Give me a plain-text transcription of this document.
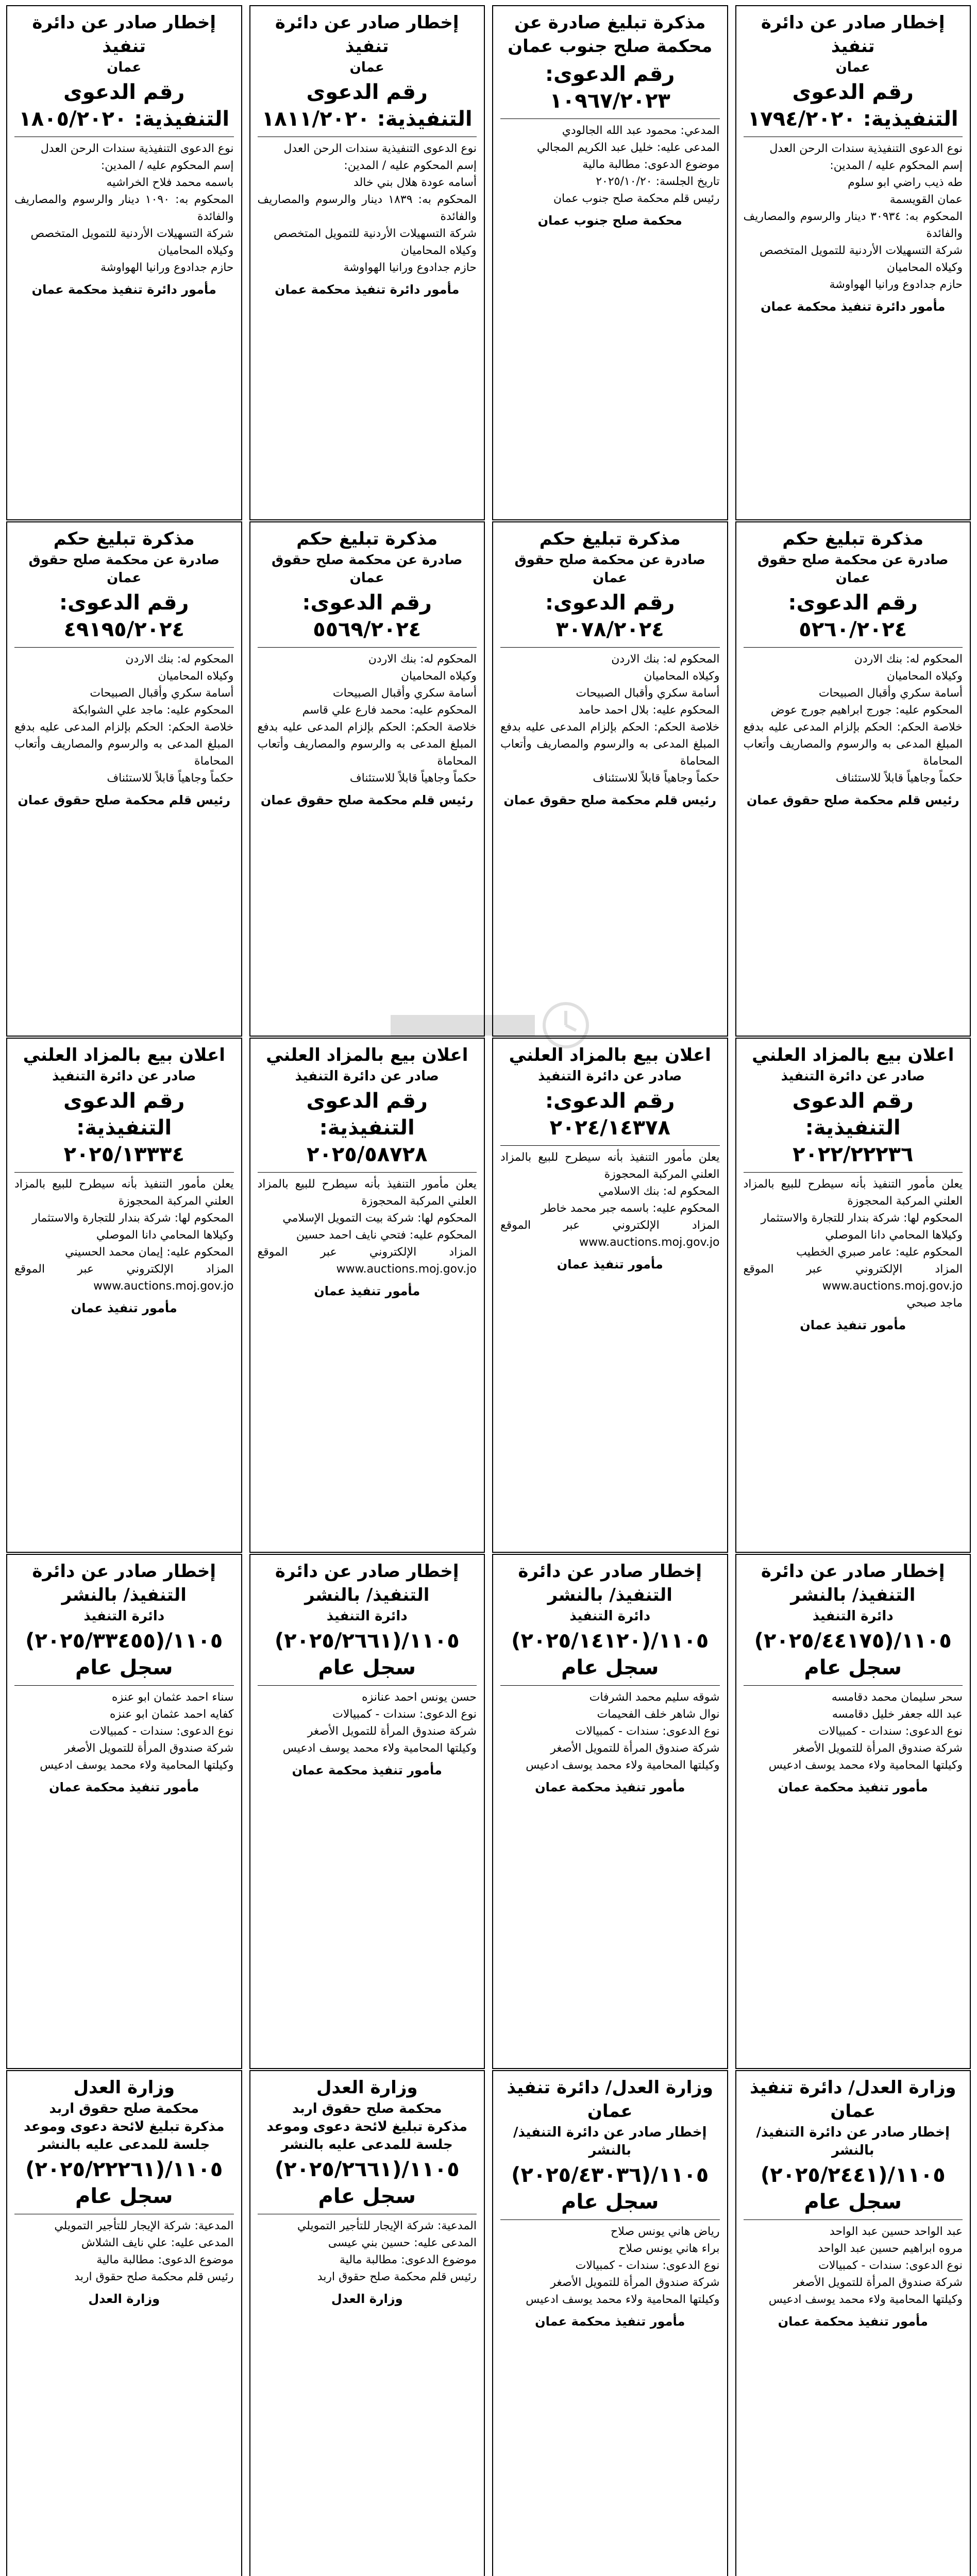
إخطار صادر عن دائرة تنفيذ
عمان
رقم الدعوى التنفيذية: ١٧٩٤/٢٠٢٠
نوع الدعوى التنفيذية سندات الرحن العدل
إسم المحكوم عليه / المدين:
طه ذيب راضي ابو سلوم
عمان القويسمة
المحكوم به: ٣٠٩٣٤ دينار والرسوم والمصاريف والفائدة
شركة التسهيلات الأردنية للتمويل المتخصص
وكيلاه المحاميان
حازم جدادوع ورانيا الهواوشة
مأمور دائرة تنفيذ محكمة عمان
مذكرة تبليغ صادرة عن محكمة صلح جنوب عمان
رقم الدعوى: ١٠٩٦٧/٢٠٢٣
المدعي: محمود عبد الله الجالودي
المدعى عليه: خليل عبد الكريم المجالي
موضوع الدعوى: مطالبة مالية
تاريخ الجلسة: ٢٠٢٥/١٠/٢٠
رئيس قلم محكمة صلح جنوب عمان
محكمة صلح جنوب عمان
إخطار صادر عن دائرة تنفيذ
عمان
رقم الدعوى التنفيذية: ١٨١١/٢٠٢٠
نوع الدعوى التنفيذية سندات الرحن العدل
إسم المحكوم عليه / المدين:
أسامه عودة هلال بني خالد
المحكوم به: ١٨٣٩ دينار والرسوم والمصاريف والفائدة
شركة التسهيلات الأردنية للتمويل المتخصص
وكيلاه المحاميان
حازم جدادوع ورانيا الهواوشة
مأمور دائرة تنفيذ محكمة عمان
إخطار صادر عن دائرة تنفيذ
عمان
رقم الدعوى التنفيذية: ١٨٠٥/٢٠٢٠
نوع الدعوى التنفيذية سندات الرحن العدل
إسم المحكوم عليه / المدين:
باسمه محمد فلاح الخراشيه
المحكوم به: ١٠٩٠ دينار والرسوم والمصاريف والفائدة
شركة التسهيلات الأردنية للتمويل المتخصص
وكيلاه المحاميان
حازم جدادوع ورانيا الهواوشة
مأمور دائرة تنفيذ محكمة عمان
مذكرة تبليغ حكم
صادرة عن محكمة صلح حقوق عمان
رقم الدعوى: ٥٢٦٠/٢٠٢٤
المحكوم له: بنك الاردن
وكيلاه المحاميان
أسامة سكري وأقبال الصبيحات
المحكوم عليه: جورج ابراهيم جورج عوض
خلاصة الحكم: الحكم بإلزام المدعى عليه بدفع المبلغ المدعى به والرسوم والمصاريف وأتعاب المحاماة
حكماً وجاهياً قابلاً للاستئناف
رئيس قلم محكمة صلح حقوق عمان
مذكرة تبليغ حكم
صادرة عن محكمة صلح حقوق عمان
رقم الدعوى: ٣٠٧٨/٢٠٢٤
المحكوم له: بنك الاردن
وكيلاه المحاميان
أسامة سكري وأقبال الصبيحات
المحكوم عليه: بلال احمد حامد
خلاصة الحكم: الحكم بإلزام المدعى عليه بدفع المبلغ المدعى به والرسوم والمصاريف وأتعاب المحاماة
حكماً وجاهياً قابلاً للاستئناف
رئيس قلم محكمة صلح حقوق عمان
مذكرة تبليغ حكم
صادرة عن محكمة صلح حقوق عمان
رقم الدعوى: ٥٥٦٩/٢٠٢٤
المحكوم له: بنك الاردن
وكيلاه المحاميان
أسامة سكري وأقبال الصبيحات
المحكوم عليه: محمد فارع علي قاسم
خلاصة الحكم: الحكم بإلزام المدعى عليه بدفع المبلغ المدعى به والرسوم والمصاريف وأتعاب المحاماة
حكماً وجاهياً قابلاً للاستئناف
رئيس قلم محكمة صلح حقوق عمان
مذكرة تبليغ حكم
صادرة عن محكمة صلح حقوق عمان
رقم الدعوى: ٤٩١٩٥/٢٠٢٤
المحكوم له: بنك الاردن
وكيلاه المحاميان
أسامة سكري وأقبال الصبيحات
المحكوم عليه: ماجد علي الشوابكة
خلاصة الحكم: الحكم بإلزام المدعى عليه بدفع المبلغ المدعى به والرسوم والمصاريف وأتعاب المحاماة
حكماً وجاهياً قابلاً للاستئناف
رئيس قلم محكمة صلح حقوق عمان
اعلان بيع بالمزاد العلني
صادر عن دائرة التنفيذ
رقم الدعوى التنفيذية: ٢٠٢٢/٢٢٢٣٦
يعلن مأمور التنفيذ بأنه سيطرح للبيع بالمزاد العلني المركبة المحجوزة
المحكوم لها: شركة بندار للتجارة والاستثمار
وكيلاها المحامي دانا الموصلي
المحكوم عليه: عامر صبري الخطيب
المزاد الإلكتروني عبر الموقع www.auctions.moj.gov.jo
ماجد صبحي
مأمور تنفيذ عمان
اعلان بيع بالمزاد العلني
صادر عن دائرة التنفيذ
رقم الدعوى: ٢٠٢٤/١٤٣٧٨
يعلن مأمور التنفيذ بأنه سيطرح للبيع بالمزاد العلني المركبة المحجوزة
المحكوم له: بنك الاسلامي
المحكوم عليه: باسمه جبر محمد خاطر
المزاد الإلكتروني عبر الموقع www.auctions.moj.gov.jo
مأمور تنفيذ عمان
اعلان بيع بالمزاد العلني
صادر عن دائرة التنفيذ
رقم الدعوى التنفيذية: ٢٠٢٥/٥٨٧٢٨
يعلن مأمور التنفيذ بأنه سيطرح للبيع بالمزاد العلني المركبة المحجوزة
المحكوم لها: شركة بيت التمويل الإسلامي
المحكوم عليه: فتحي نايف احمد حسين
المزاد الإلكتروني عبر الموقع www.auctions.moj.gov.jo
مأمور تنفيذ عمان
اعلان بيع بالمزاد العلني
صادر عن دائرة التنفيذ
رقم الدعوى التنفيذية: ٢٠٢٥/١٣٣٣٤
يعلن مأمور التنفيذ بأنه سيطرح للبيع بالمزاد العلني المركبة المحجوزة
المحكوم لها: شركة بندار للتجارة والاستثمار
وكيلاها المحامي دانا الموصلي
المحكوم عليه: إيمان محمد الحسيني
المزاد الإلكتروني عبر الموقع www.auctions.moj.gov.jo
مأمور تنفيذ عمان
إخطار صادر عن دائرة التنفيذ/ بالنشر
دائرة التنفيذ
١١٠٥/(٢٠٢٥/٤٤١٧٥) سجل عام
سحر سليمان محمد دقامسه
عبد الله جعفر خليل دقامسه
نوع الدعوى: سندات - كمبيالات
شركة صندوق المرأة للتمويل الأصغر
وكيلتها المحامية ولاء محمد يوسف ادعيس
مأمور تنفيذ محكمة عمان
إخطار صادر عن دائرة التنفيذ/ بالنشر
دائرة التنفيذ
١١٠٥/(٢٠٢٥/١٤١٢٠) سجل عام
شوقه سليم محمد الشرفات
نوال شاهر خلف الفحيمات
نوع الدعوى: سندات - كمبيالات
شركة صندوق المرأة للتمويل الأصغر
وكيلتها المحامية ولاء محمد يوسف ادعيس
مأمور تنفيذ محكمة عمان
إخطار صادر عن دائرة التنفيذ/ بالنشر
دائرة التنفيذ
١١٠٥/(٢٠٢٥/٢٦٦١) سجل عام
حسن يونس احمد عنانزه
نوع الدعوى: سندات - كمبيالات
شركة صندوق المرأة للتمويل الأصغر
وكيلتها المحامية ولاء محمد يوسف ادعيس
مأمور تنفيذ محكمة عمان
إخطار صادر عن دائرة التنفيذ/ بالنشر
دائرة التنفيذ
١١٠٥/(٢٠٢٥/٣٣٤٥٥) سجل عام
سناء احمد عثمان ابو عنزه
كفايه احمد عثمان ابو عنزه
نوع الدعوى: سندات - كمبيالات
شركة صندوق المرأة للتمويل الأصغر
وكيلتها المحامية ولاء محمد يوسف ادعيس
مأمور تنفيذ محكمة عمان
وزارة العدل/ دائرة تنفيذ عمان
إخطار صادر عن دائرة التنفيذ/ بالنشر
١١٠٥/(٢٠٢٥/٢٤٤١) سجل عام
عبد الواحد حسين عبد الواحد
مروه ابراهيم حسين عبد الواحد
نوع الدعوى: سندات - كمبيالات
شركة صندوق المرأة للتمويل الأصغر
وكيلتها المحامية ولاء محمد يوسف ادعيس
مأمور تنفيذ محكمة عمان
وزارة العدل/ دائرة تنفيذ عمان
إخطار صادر عن دائرة التنفيذ/ بالنشر
١١٠٥/(٢٠٢٥/٤٣٠٣٦) سجل عام
رياض هاني يونس صلاح
براء هاني يونس صلاح
نوع الدعوى: سندات - كمبيالات
شركة صندوق المرأة للتمويل الأصغر
وكيلتها المحامية ولاء محمد يوسف ادعيس
مأمور تنفيذ محكمة عمان
وزارة العدل
محكمة صلح حقوق اربد
مذكرة تبليغ لائحة دعوى وموعد جلسة للمدعى عليه بالنشر
١١٠٥/(٢٠٢٥/٢٦٦١) سجل عام
المدعية: شركة الإيجار للتأجير التمويلي
المدعى عليه: حسين بني عيسى
موضوع الدعوى: مطالبة مالية
رئيس قلم محكمة صلح حقوق اربد
وزارة العدل
وزارة العدل
محكمة صلح حقوق اربد
مذكرة تبليغ لائحة دعوى وموعد جلسة للمدعى عليه بالنشر
١١٠٥/(٢٠٢٥/٢٢٢٦١) سجل عام
المدعية: شركة الإيجار للتأجير التمويلي
المدعى عليه: علي نايف الشلاش
موضوع الدعوى: مطالبة مالية
رئيس قلم محكمة صلح حقوق اربد
وزارة العدل
